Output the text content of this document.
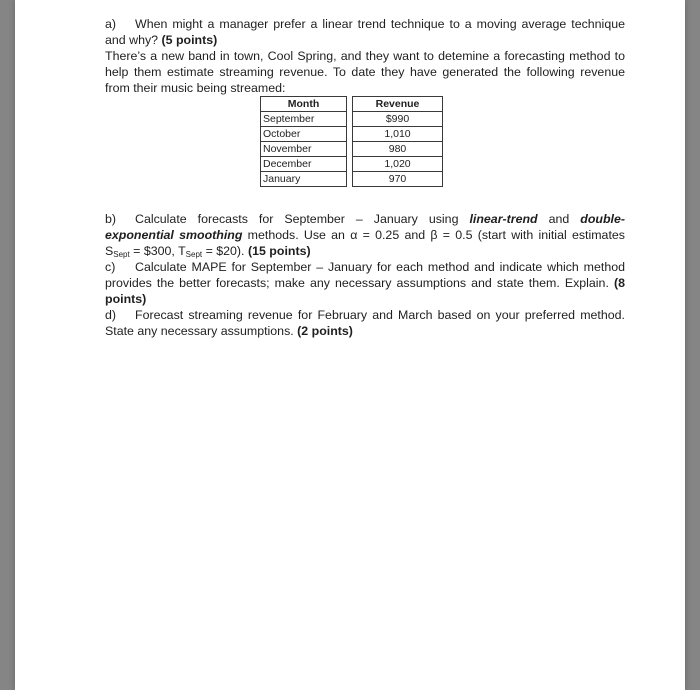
a) When might a manager prefer a linear trend technique to a moving average technique and why? (5 points)

There’s a new band in town, Cool Spring, and they want to detemine a forecasting method to help them estimate streaming revenue. To date they have generated the following revenue from their music being streamed:

Month		Revenue
September		$990
October		1,010
November		980
December		1,020
January		970

b) Calculate forecasts for September – January using linear-trend and double- exponential smoothing methods. Use an α = 0.25 and β = 0.5 (start with initial estimates $S_{Sept}$ = $300, $T_{Sept}$ = $20). (15 points)

c) Calculate MAPE for September – January for each method and indicate which method provides the better forecasts; make any necessary assumptions and state them. Explain. (8 points)

d) Forecast streaming revenue for February and March based on your preferred method. State any necessary assumptions. (2 points)
